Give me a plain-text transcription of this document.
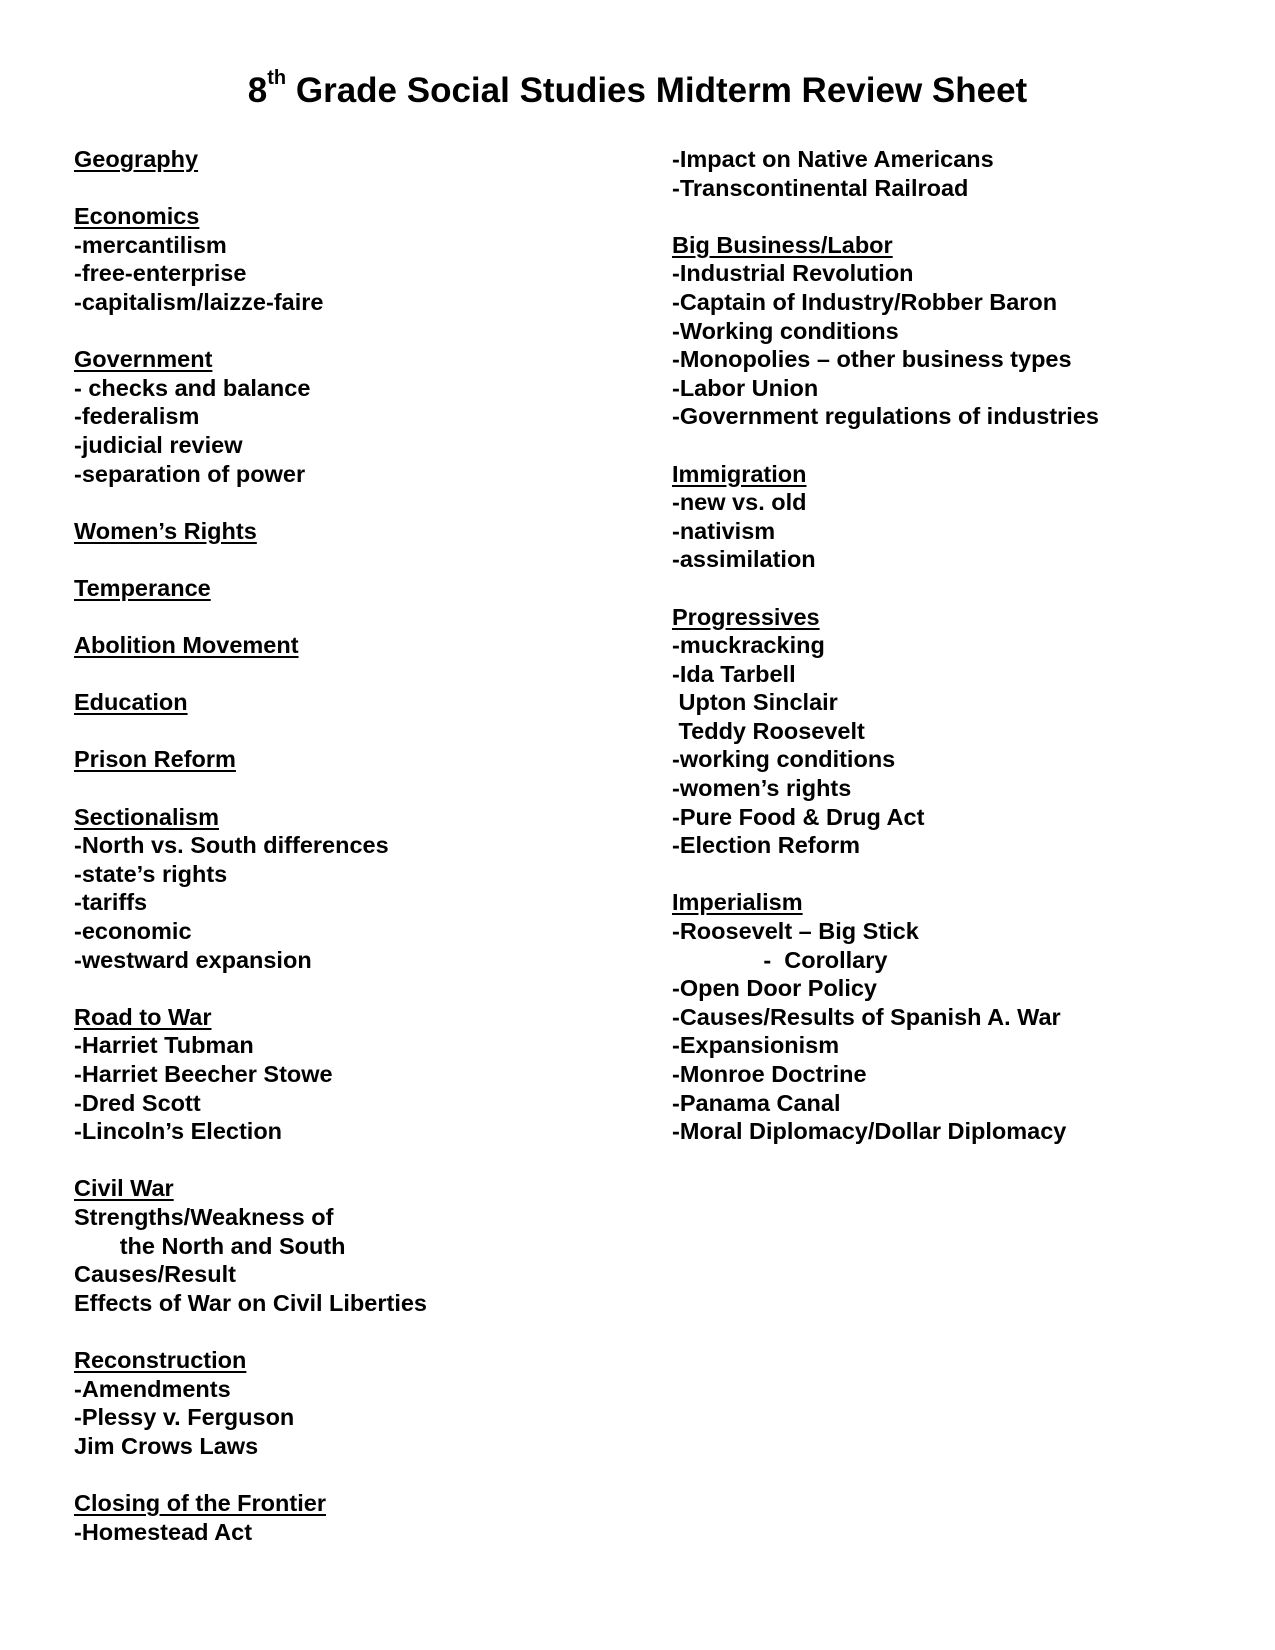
8th Grade Social Studies Midterm Review Sheet
Geography
Economics
-mercantilism
-free-enterprise
-capitalism/laizze-faire
Government
- checks and balance
-federalism
-judicial review
-separation of power
Women’s Rights
Temperance
Abolition Movement
Education
Prison Reform
Sectionalism
-North vs. South differences
-state’s rights
-tariffs
-economic
-westward expansion
Road to War
-Harriet Tubman
-Harriet Beecher Stowe
-Dred Scott
-Lincoln’s Election
Civil War
Strengths/Weakness of
the North and South
Causes/Result
Effects of War on Civil Liberties
Reconstruction
-Amendments
-Plessy v. Ferguson
Jim Crows Laws
Closing of the Frontier
-Homestead Act
-Impact on Native Americans
-Transcontinental Railroad
Big Business/Labor
-Industrial Revolution
-Captain of Industry/Robber Baron
-Working conditions
-Monopolies – other business types
-Labor Union
-Government regulations of industries
Immigration
-new vs. old
-nativism
-assimilation
Progressives
-muckracking
-Ida Tarbell
Upton Sinclair
Teddy Roosevelt
-working conditions
-women’s rights
-Pure Food & Drug Act
-Election Reform
Imperialism
-Roosevelt – Big Stick
-  Corollary
-Open Door Policy
-Causes/Results of Spanish A. War
-Expansionism
-Monroe Doctrine
-Panama Canal
-Moral Diplomacy/Dollar Diplomacy
